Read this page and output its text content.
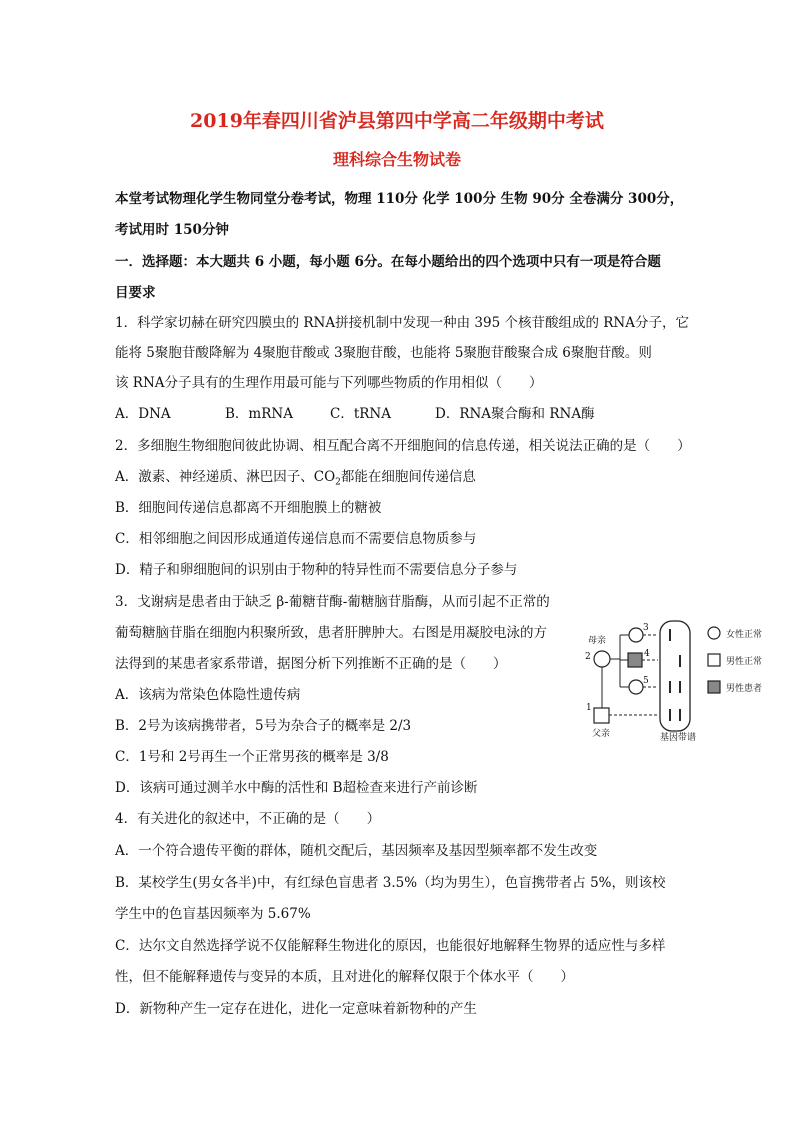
2019年春四川省泸县第四中学高二年级期中考试
理科综合生物试卷
本堂考试物理化学生物同堂分卷考试，物理 110分 化学 100分 生物 90分 全卷满分 300分，
考试用时 150分钟
一．选择题：本大题共 6 小题，每小题 6分。在每小题给出的四个选项中只有一项是符合题
目要求
1．科学家切赫在研究四膜虫的 RNA拼接机制中发现一种由 395 个核苷酸组成的 RNA分子，它
能将 5聚胞苷酸降解为 4聚胞苷酸或 3聚胞苷酸，也能将 5聚胞苷酸聚合成 6聚胞苷酸。则
该 RNA分子具有的生理作用最可能与下列哪些物质的作用相似（　　）
A．DNA	B．mRNA	C．tRNA	D．RNA聚合酶和 RNA酶
2．多细胞生物细胞间彼此协调、相互配合离不开细胞间的信息传递，相关说法正确的是（　　）
A．激素、神经递质、淋巴因子、$CO_2$都能在细胞间传递信息
B．细胞间传递信息都离不开细胞膜上的糖被
C．相邻细胞之间因形成通道传递信息而不需要信息物质参与
D．精子和卵细胞间的识别由于物种的特异性而不需要信息分子参与
3．戈谢病是患者由于缺乏 β-葡糖苷酶-葡糖脑苷脂酶，从而引起不正常的
葡萄糖脑苷脂在细胞内积聚所致，患者肝脾肿大。右图是用凝胶电泳的方
法得到的某患者家系带谱，据图分析下列推断不正确的是（　　）
A．该病为常染色体隐性遗传病
B．2号为该病携带者，5号为杂合子的概率是 2/3
C．1号和 2号再生一个正常男孩的概率是 3/8
D．该病可通过测羊水中酶的活性和 B超检查来进行产前诊断
母亲
2
3
4
5
1
父亲	基因带谱
女性正常
男性正常
男性患者
4．有关进化的叙述中，不正确的是（　　）
A．一个符合遗传平衡的群体，随机交配后，基因频率及基因型频率都不发生改变
B．某校学生(男女各半)中，有红绿色盲患者 3.5%（均为男生），色盲携带者占 5%，则该校
学生中的色盲基因频率为 5.67%
C．达尔文自然选择学说不仅能解释生物进化的原因，也能很好地解释生物界的适应性与多样
性，但不能解释遗传与变异的本质，且对进化的解释仅限于个体水平（　　）
D．新物种产生一定存在进化，进化一定意味着新物种的产生
